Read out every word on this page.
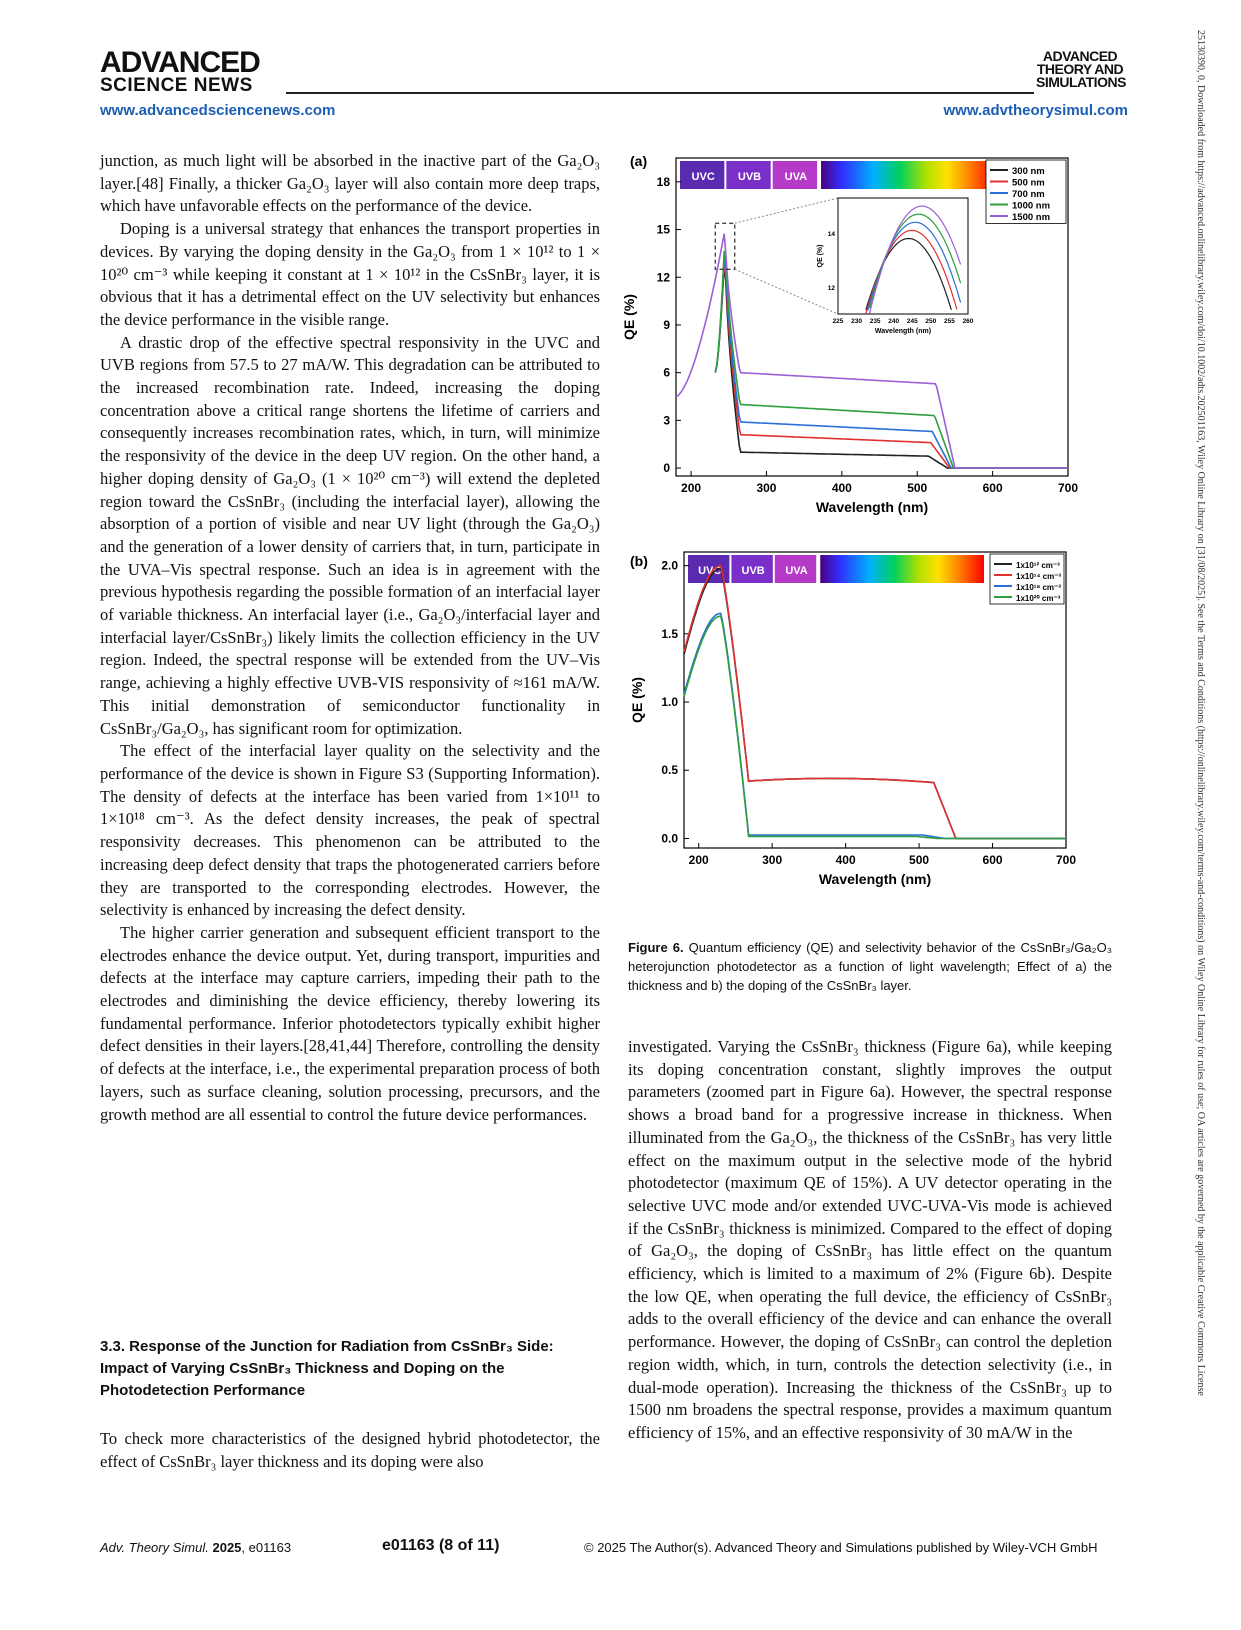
ADVANCED
SCIENCE NEWS
ADVANCED
THEORY AND
SIMULATIONS
www.advancedsciencenews.com	www.advtheorysimul.com	25130390, 0, Downloaded from https://advanced.onlinelibrary.wiley.com/doi/10.1002/adts.202501163, Wiley Online Library on [31/08/2025]. See the Terms and Conditions (https://onlinelibrary.wiley.com/terms-and-conditions) on Wiley Online Library for rules of use; OA articles are governed by the applicable Creative Commons License

junction, as much light will be absorbed in the inactive part of the Ga₂O₃ layer.[48] Finally, a thicker Ga₂O₃ layer will also contain more deep traps, which have unfavorable effects on the performance of the device.

Doping is a universal strategy that enhances the transport properties in devices. By varying the doping density in the Ga₂O₃ from 1 × 10¹² to 1 × 10²⁰ cm⁻³ while keeping it constant at 1 × 10¹² in the CsSnBr₃ layer, it is obvious that it has a detrimental effect on the UV selectivity but enhances the device performance in the visible range.

A drastic drop of the effective spectral responsivity in the UVC and UVB regions from 57.5 to 27 mA/W. This degradation can be attributed to the increased recombination rate. Indeed, increasing the doping concentration above a critical range shortens the lifetime of carriers and consequently increases recombination rates, which, in turn, will minimize the responsivity of the device in the deep UV region. On the other hand, a higher doping density of Ga₂O₃ (1 × 10²⁰ cm⁻³) will extend the depleted region toward the CsSnBr₃ (including the interfacial layer), allowing the absorption of a portion of visible and near UV light (through the Ga₂O₃) and the generation of a lower density of carriers that, in turn, participate in the UVA–Vis spectral response. Such an idea is in agreement with the previous hypothesis regarding the possible formation of an interfacial layer of variable thickness. An interfacial layer (i.e., Ga₂O₃/interfacial layer and interfacial layer/CsSnBr₃) likely limits the collection efficiency in the UV region. Indeed, the spectral response will be extended from the UV–Vis range, achieving a highly effective UVB-VIS responsivity of ≈161 mA/W. This initial demonstration of semiconductor functionality in CsSnBr₃/Ga₂O₃, has significant room for optimization.

The effect of the interfacial layer quality on the selectivity and the performance of the device is shown in Figure S3 (Supporting Information). The density of defects at the interface has been varied from 1×10¹¹ to 1×10¹⁸ cm⁻³. As the defect density increases, the peak of spectral responsivity decreases. This phenomenon can be attributed to the increasing deep defect density that traps the photogenerated carriers before they are transported to the corresponding electrodes. However, the selectivity is enhanced by increasing the defect density.

The higher carrier generation and subsequent efficient transport to the electrodes enhance the device output. Yet, during transport, impurities and defects at the interface may capture carriers, impeding their path to the electrodes and diminishing the device efficiency, thereby lowering its fundamental performance. Inferior photodetectors typically exhibit higher defect densities in their layers.[28,41,44] Therefore, controlling the density of defects at the interface, i.e., the experimental preparation process of both layers, such as surface cleaning, solution processing, precursors, and the growth method are all essential to control the future device performances.

3.3. Response of the Junction for Radiation from CsSnBr₃ Side: Impact of Varying CsSnBr₃ Thickness and Doping on the Photodetection Performance

To check more characteristics of the designed hybrid photodetector, the effect of CsSnBr₃ layer thickness and its doping were also

UVC UVB UVA
200	300	400	500	600	700
0
3
6
9
12
15
18
Wavelength (nm)
QE (%)
(a)
300 nm
500 nm
700 nm
1000 nm
1500 nm
225 230 235 240 245 250 255 260
12
14
Wavelength (nm)
QE (%)
UVC UVB UVA
200	300	400	500	600	700
0.0
0.5
1.0
1.5
2.0
Wavelength (nm)
QE (%)
(b)	1x10¹² cm⁻³
1x10¹⁴ cm⁻³
1x10¹⁸ cm⁻³
1x10²⁰ cm⁻³
Figure 6. Quantum efficiency (QE) and selectivity behavior of the CsSnBr₃/Ga₂O₃ heterojunction photodetector as a function of light wavelength; Effect of a) the thickness and b) the doping of the CsSnBr₃ layer.

investigated. Varying the CsSnBr₃ thickness (Figure 6a), while keeping its doping concentration constant, slightly improves the output parameters (zoomed part in Figure 6a). However, the spectral response shows a broad band for a progressive increase in thickness. When illuminated from the Ga₂O₃, the thickness of the CsSnBr₃ has very little effect on the maximum output in the selective mode of the hybrid photodetector (maximum QE of 15%). A UV detector operating in the selective UVC mode and/or extended UVC-UVA-Vis mode is achieved if the CsSnBr₃ thickness is minimized. Compared to the effect of doping of Ga₂O₃, the doping of CsSnBr₃ has little effect on the quantum efficiency, which is limited to a maximum of 2% (Figure 6b). Despite the low QE, when operating the full device, the efficiency of CsSnBr₃ adds to the overall efficiency of the device and can enhance the overall performance. However, the doping of CsSnBr₃ can control the depletion region width, which, in turn, controls the detection selectivity (i.e., in dual-mode operation). Increasing the thickness of the CsSnBr₃ up to 1500 nm broadens the spectral response, provides a maximum quantum efficiency of 15%, and an effective responsivity of 30 mA/W in the

Adv. Theory Simul. 2025, e01163	e01163 (8 of 11)	© 2025 The Author(s). Advanced Theory and Simulations published by Wiley-VCH GmbH
